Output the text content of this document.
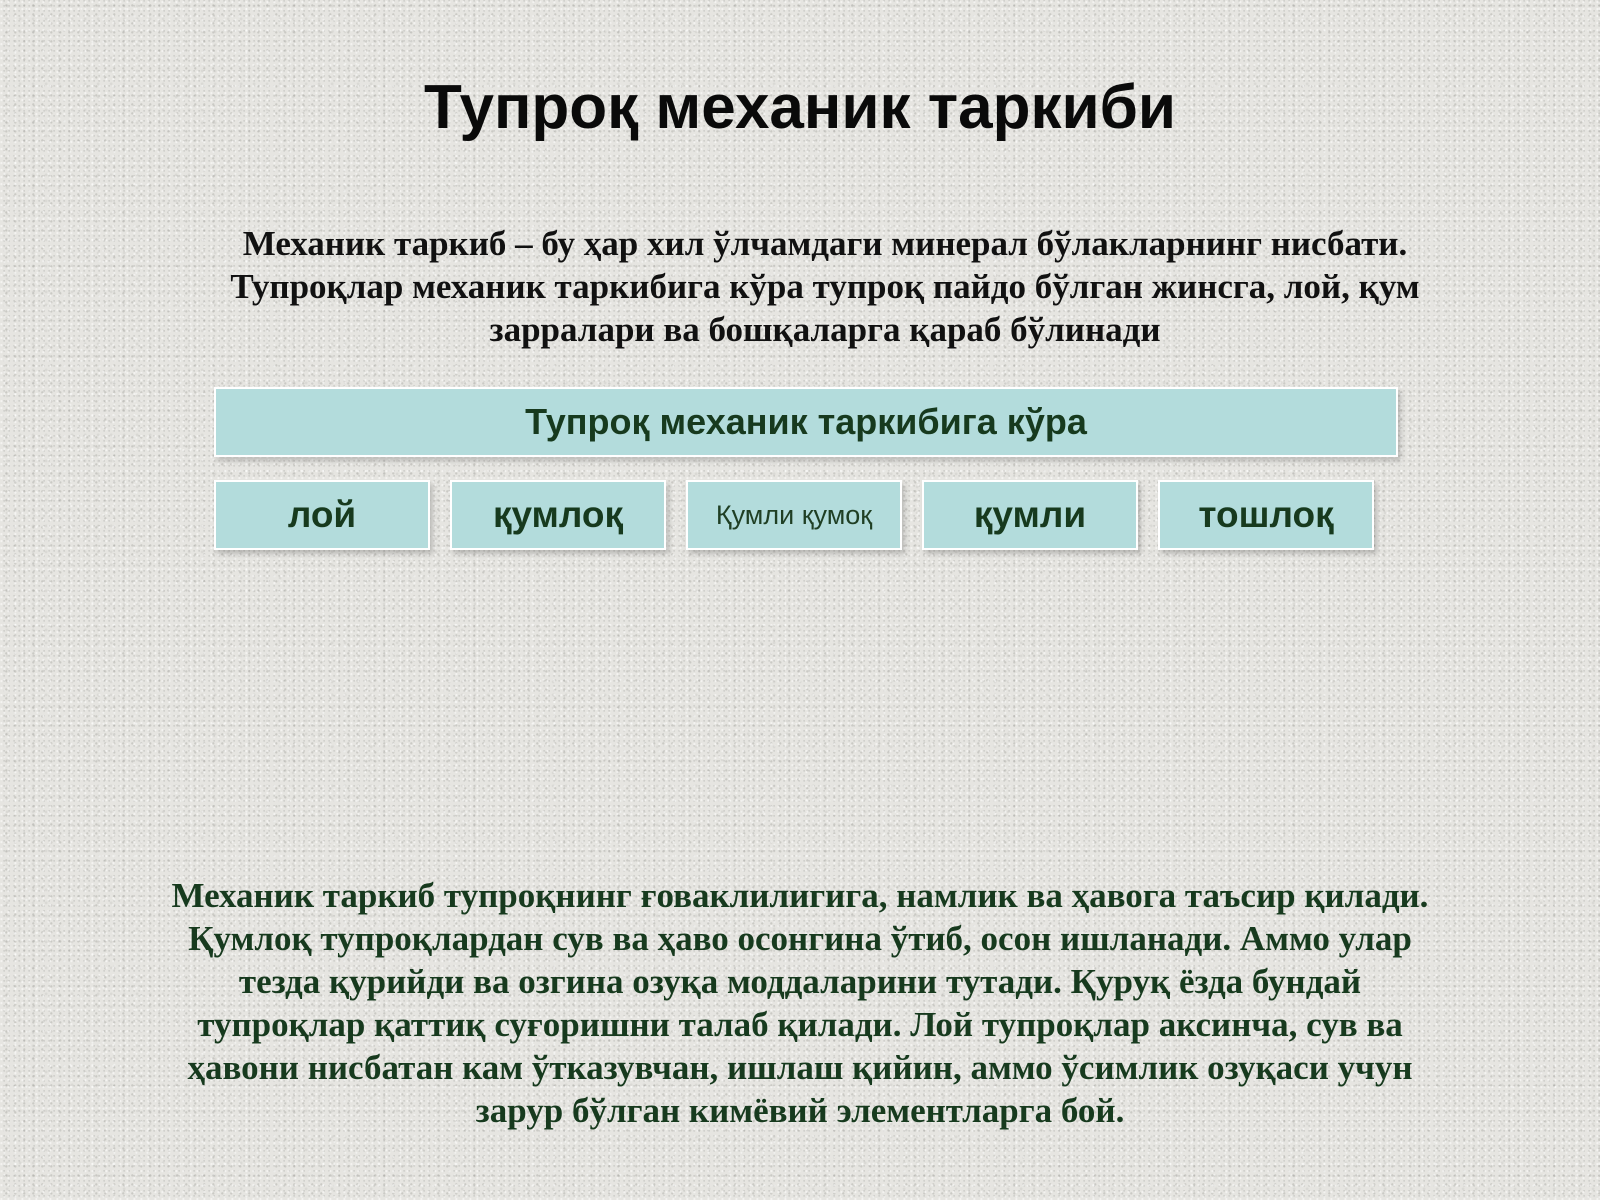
Тупроқ механик таркиби
Механик таркиб – бу ҳар хил ўлчамдаги минерал бўлакларнинг нисбати.
Тупроқлар механик таркибига кўра тупроқ пайдо бўлган жинсга, лой, қум
зарралари ва бошқаларга қараб бўлинади
Тупроқ механик таркибига кўра
лой	қумлоқ	Қумли қумоқ	қумли	тошлоқ
Механик таркиб тупроқнинг ғоваклилигига, намлик ва ҳавога таъсир қилади.
Қумлоқ тупроқлардан сув ва ҳаво осонгина ўтиб, осон ишланади. Аммо улар
тезда қурийди ва озгина озуқа моддаларини тутади. Қуруқ ёзда бундай
тупроқлар қаттиқ суғоришни талаб қилади. Лой тупроқлар аксинча, сув ва
ҳавони нисбатан кам ўтказувчан, ишлаш қийин, аммо ўсимлик озуқаси учун
зарур бўлган кимёвий элементларга бой.
